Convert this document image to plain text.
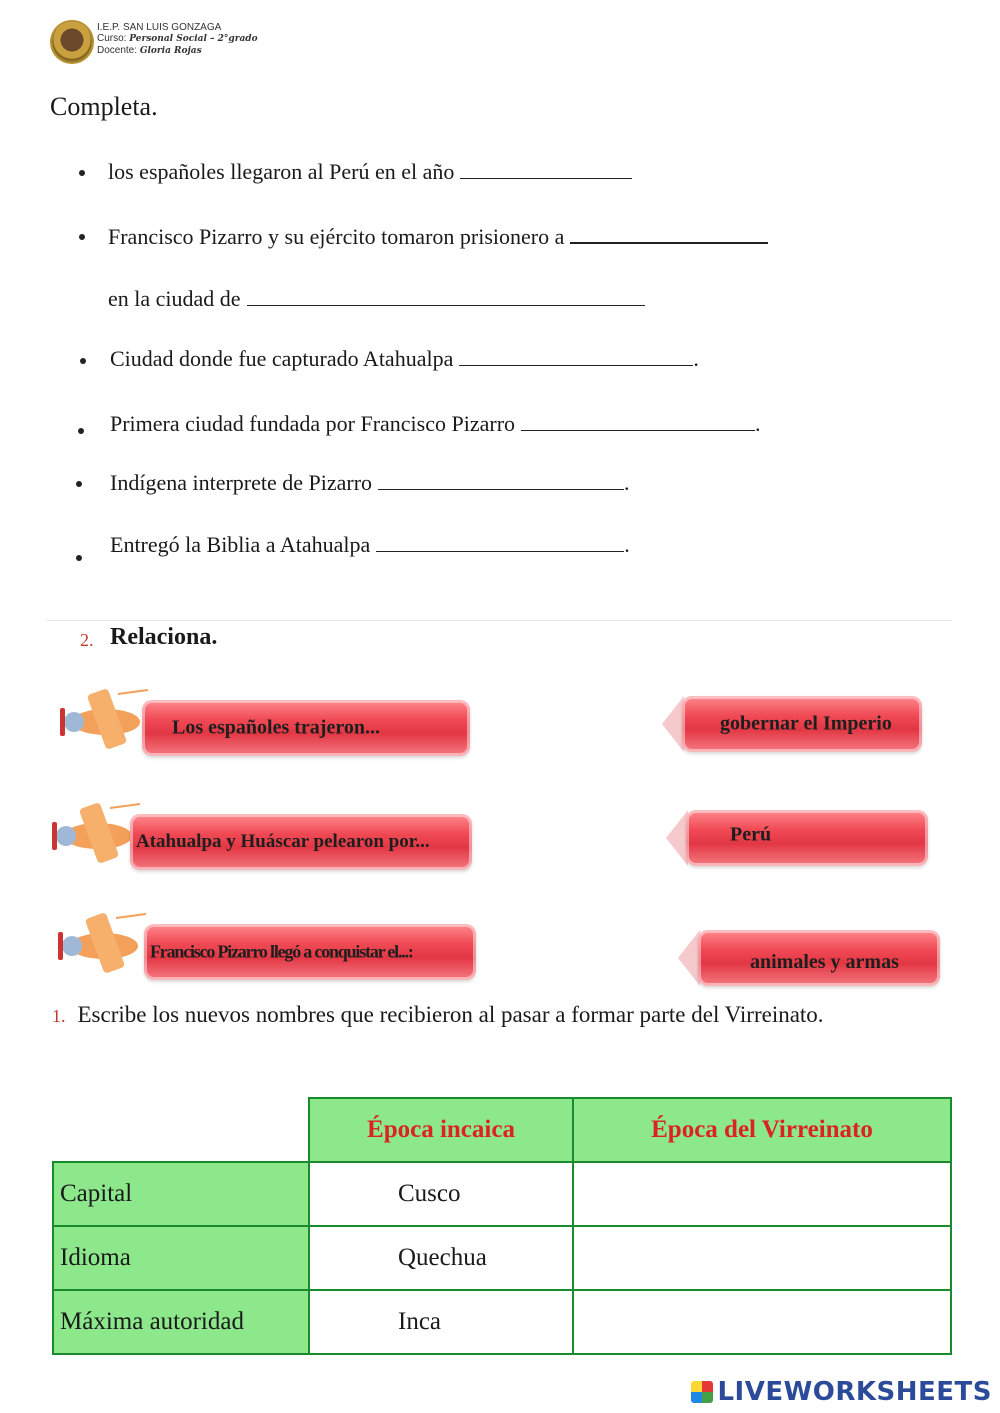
I.E.P. SAN LUIS GONZAGA
Curso: Personal Social – 2°grado
Docente: Gloria Rojas
Completa.
los españoles llegaron al Perú en el año
Francisco Pizarro y su ejército tomaron prisionero a
en la ciudad de
Ciudad donde fue capturado Atahualpa	.
Primera ciudad fundada por Francisco Pizarro	.
Indígena interprete de Pizarro	.
Entregó la Biblia a Atahualpa	.
2. Relaciona.
Los españoles trajeron...
Atahualpa y Huáscar pelearon por...
Francisco Pizarro llegó a conquistar el...:
gobernar el Imperio
Perú
animales y armas
1. Escribe los nuevos nombres que recibieron al pasar a formar parte del Virreinato.
	Época incaica	Época del Virreinato
Capital	Cusco	
Idioma	Quechua	
Máxima autoridad	Inca	
LIVEWORKSHEETS
